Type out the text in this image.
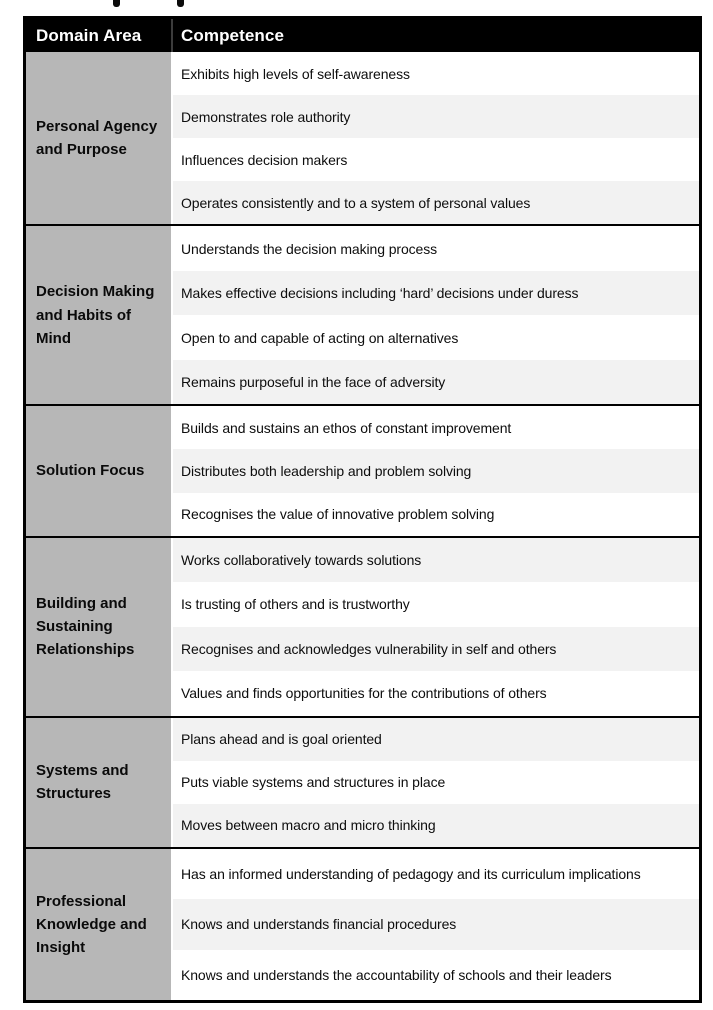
Domain Area	Competence
Personal Agency and Purpose
Exhibits high levels of self-awareness
Demonstrates role authority
Influences decision makers
Operates consistently and to a system of personal values
Decision Making and Habits of Mind
Understands the decision making process
Makes effective decisions including ‘hard’ decisions under duress
Open to and capable of acting on alternatives
Remains purposeful in the face of adversity
Solution Focus
Builds and sustains an ethos of constant improvement
Distributes both leadership and problem solving
Recognises the value of innovative problem solving
Building and Sustaining Relationships
Works collaboratively towards solutions
Is trusting of others and is trustworthy
Recognises and acknowledges vulnerability in self and others
Values and finds opportunities for the contributions of others
Systems and Structures
Plans ahead and is goal oriented
Puts viable systems and structures in place
Moves between macro and micro thinking
Professional Knowledge and Insight
Has an informed understanding of pedagogy and its curriculum implications
Knows and understands financial procedures
Knows and understands the accountability of schools and their leaders
